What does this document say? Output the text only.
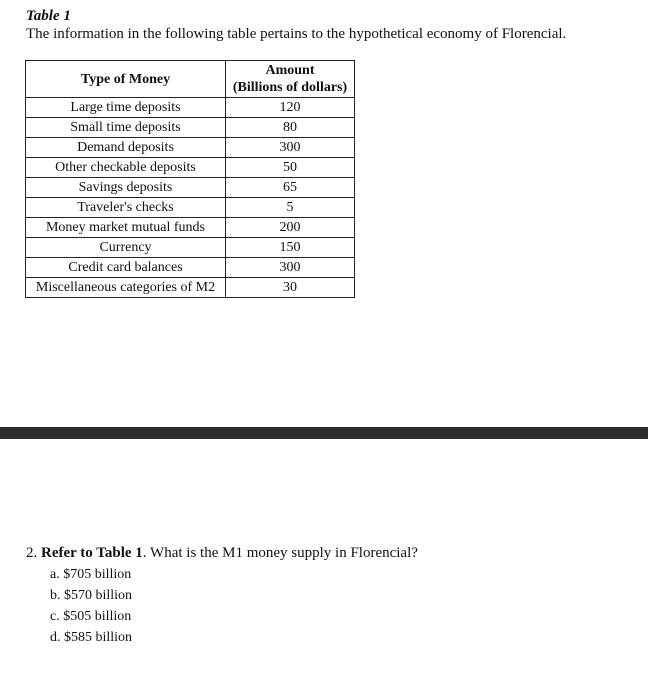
Table 1
The information in the following table pertains to the hypothetical economy of Florencial.
Type of Money	Amount
(Billions of dollars)
Large time deposits	120
Small time deposits	80
Demand deposits	300
Other checkable deposits	50
Savings deposits	65
Traveler's checks	5
Money market mutual funds	200
Currency	150
Credit card balances	300
Miscellaneous categories of M2	30
2. Refer to Table 1. What is the M1 money supply in Florencial?
a. $705 billion
b. $570 billion
c. $505 billion
d. $585 billion
